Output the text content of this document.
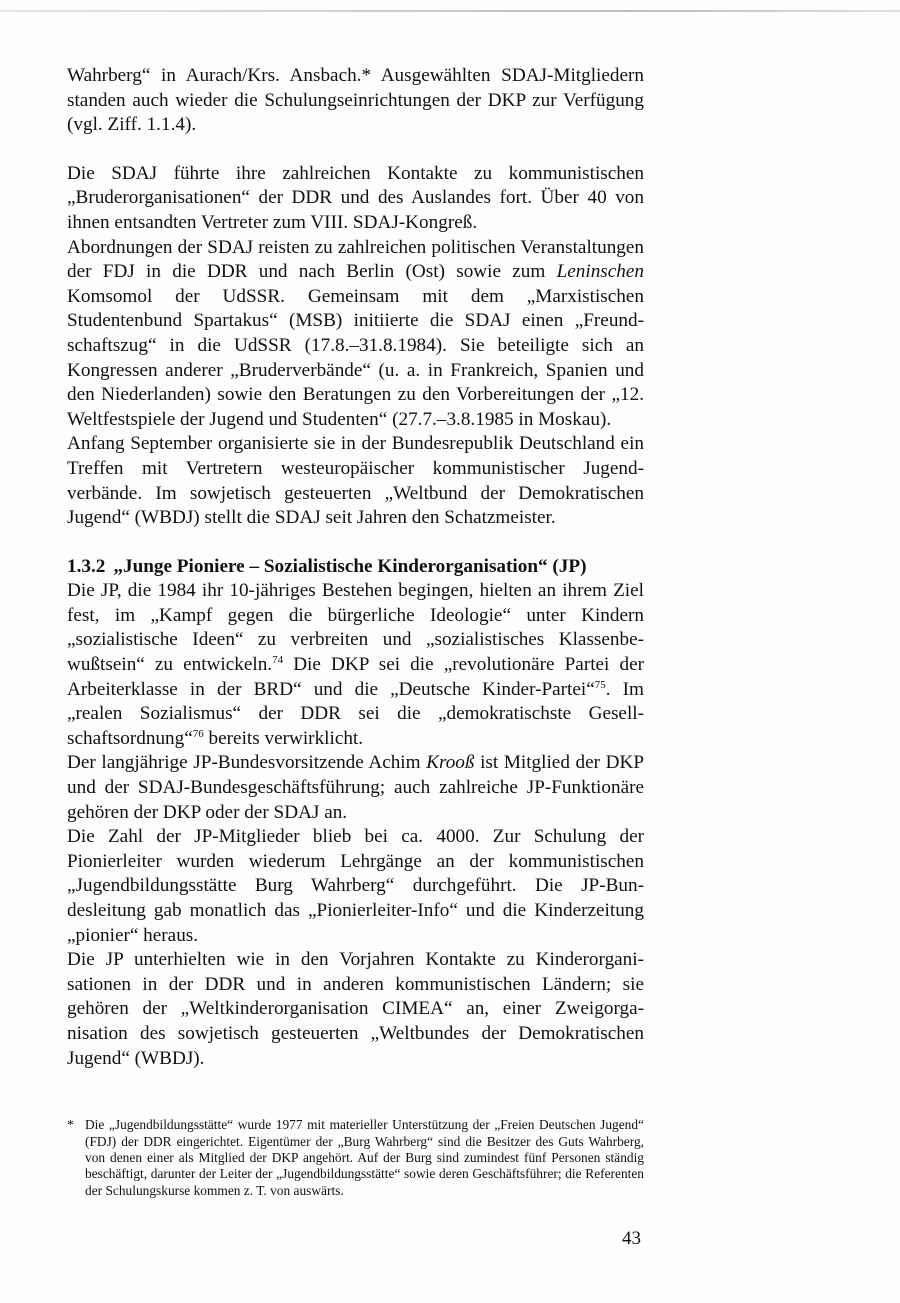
Wahrberg“ in Aurach/Krs. Ansbach.* Ausgewählten SDAJ-Mitgliedern standen auch wieder die Schulungseinrichtungen der DKP zur Verfügung (vgl. Ziff. 1.1.4).

Die SDAJ führte ihre zahlreichen Kontakte zu kommunistischen „Bruderorganisationen“ der DDR und des Auslandes fort. Über 40 von ihnen entsandten Vertreter zum VIII. SDAJ-Kongreß.

Abordnungen der SDAJ reisten zu zahlreichen politischen Veranstaltungen der FDJ in die DDR und nach Berlin (Ost) sowie zum Leninschen Komsomol der UdSSR. Gemeinsam mit dem „Marxistischen Studentenbund Spartakus“ (MSB) initiierte die SDAJ einen „Freundschaftszug“ in die UdSSR (17.8.–31.8.1984). Sie beteiligte sich an Kongressen anderer „Bruderverbände“ (u. a. in Frankreich, Spanien und den Niederlanden) sowie den Beratungen zu den Vorbereitungen der „12. Weltfestspiele der Jugend und Studenten“ (27.7.–3.8.1985 in Moskau).

Anfang September organisierte sie in der Bundesrepublik Deutschland ein Treffen mit Vertretern westeuropäischer kommunistischer Jugendverbände. Im sowjetisch gesteuerten „Weltbund der Demokratischen Jugend“ (WBDJ) stellt die SDAJ seit Jahren den Schatzmeister.

1.3.2 „Junge Pioniere – Sozialistische Kinderorganisation“ (JP)

Die JP, die 1984 ihr 10-jähriges Bestehen begingen, hielten an ihrem Ziel fest, im „Kampf gegen die bürgerliche Ideologie“ unter Kindern „sozialistische Ideen“ zu verbreiten und „sozialistisches Klassenbewußtsein“ zu entwickeln.$^{74}$ Die DKP sei die „revolutionäre Partei der Arbeiterklasse in der BRD“ und die „Deutsche Kinder-Partei“$^{75}$. Im „realen Sozialismus“ der DDR sei die „demokratischste Gesellschaftsordnung“$^{76}$ bereits verwirklicht.

Der langjährige JP-Bundesvorsitzende Achim Krooß ist Mitglied der DKP und der SDAJ-Bundesgeschäftsführung; auch zahlreiche JP-Funktionäre gehören der DKP oder der SDAJ an.

Die Zahl der JP-Mitglieder blieb bei ca. 4000. Zur Schulung der Pionierleiter wurden wiederum Lehrgänge an der kommunistischen „Jugendbildungsstätte Burg Wahrberg“ durchgeführt. Die JP-Bundesleitung gab monatlich das „Pionierleiter-Info“ und die Kinderzeitung „pionier“ heraus.

Die JP unterhielten wie in den Vorjahren Kontakte zu Kinderorganisationen in der DDR und in anderen kommunistischen Ländern; sie gehören der „Weltkinderorganisation CIMEA“ an, einer Zweigorganisation des sowjetisch gesteuerten „Weltbundes der Demokratischen Jugend“ (WBDJ).

* Die „Jugendbildungsstätte“ wurde 1977 mit materieller Unterstützung der „Freien Deutschen Jugend“ (FDJ) der DDR eingerichtet. Eigentümer der „Burg Wahrberg“ sind die Besitzer des Guts Wahrberg, von denen einer als Mitglied der DKP angehört. Auf der Burg sind zumindest fünf Personen ständig beschäftigt, darunter der Leiter der „Jugendbildungsstätte“ sowie deren Geschäftsführer; die Referenten der Schulungskurse kommen z. T. von auswärts.
43
